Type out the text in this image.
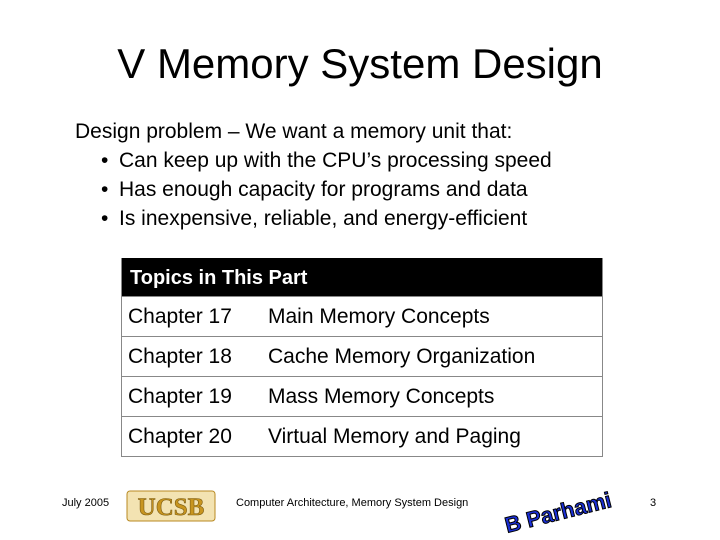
V Memory System Design
Design problem – We want a memory unit that:
• Can keep up with the CPU’s processing speed
• Has enough capacity for programs and data
• Is inexpensive, reliable, and energy-efficient
Topics in This Part
Chapter 17 Main Memory Concepts
Chapter 18 Cache Memory Organization
Chapter 19 Mass Memory Concepts
Chapter 20 Virtual Memory and Paging
July 2005 UCSB	Computer Architecture, Memory System Design B Parhami	3
